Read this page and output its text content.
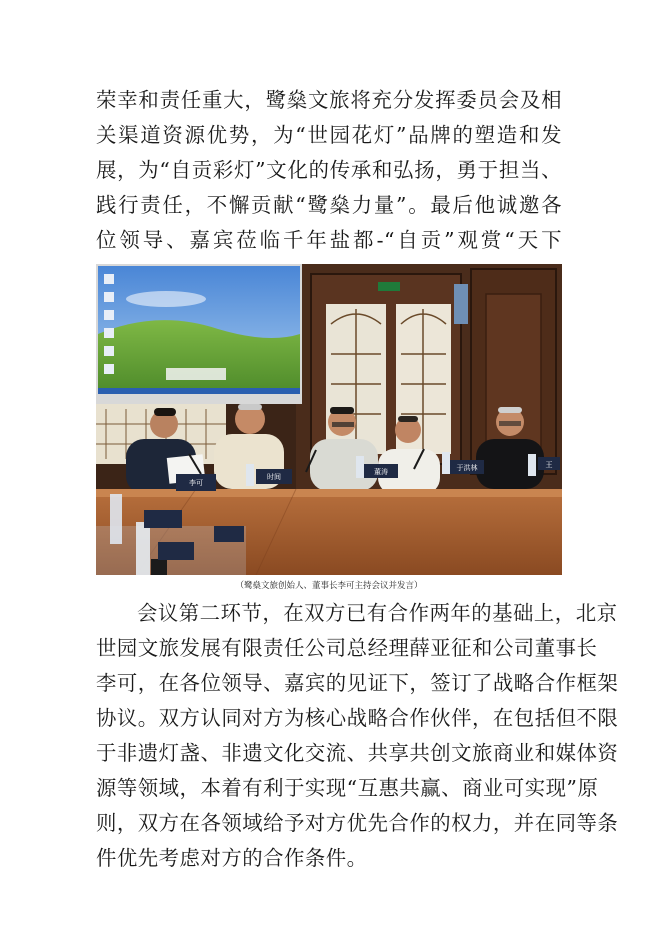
荣幸和责任重大，鹭燊文旅将充分发挥委员会及相
关渠道资源优势，为“世园花灯”品牌的塑造和发
展，为“自贡彩灯”文化的传承和弘扬，勇于担当、
践行责任，不懈贡献“鹭燊力量”。最后他诚邀各
位领导、嘉宾莅临千年盐都-“自贡”观赏“天下
李可
时间
董涛	于洪林	王
（鹭燊文旅创始人、董事长李可主持会议并发言）
会议第二环节，在双方已有合作两年的基础上，北京
世园文旅发展有限责任公司总经理薛亚征和公司董事长
李可，在各位领导、嘉宾的见证下，签订了战略合作框架
协议。双方认同对方为核心战略合作伙伴，在包括但不限
于非遗灯盏、非遗文化交流、共享共创文旅商业和媒体资
源等领域，本着有利于实现“互惠共赢、商业可实现”原
则，双方在各领域给予对方优先合作的权力，并在同等条
件优先考虑对方的合作条件。
